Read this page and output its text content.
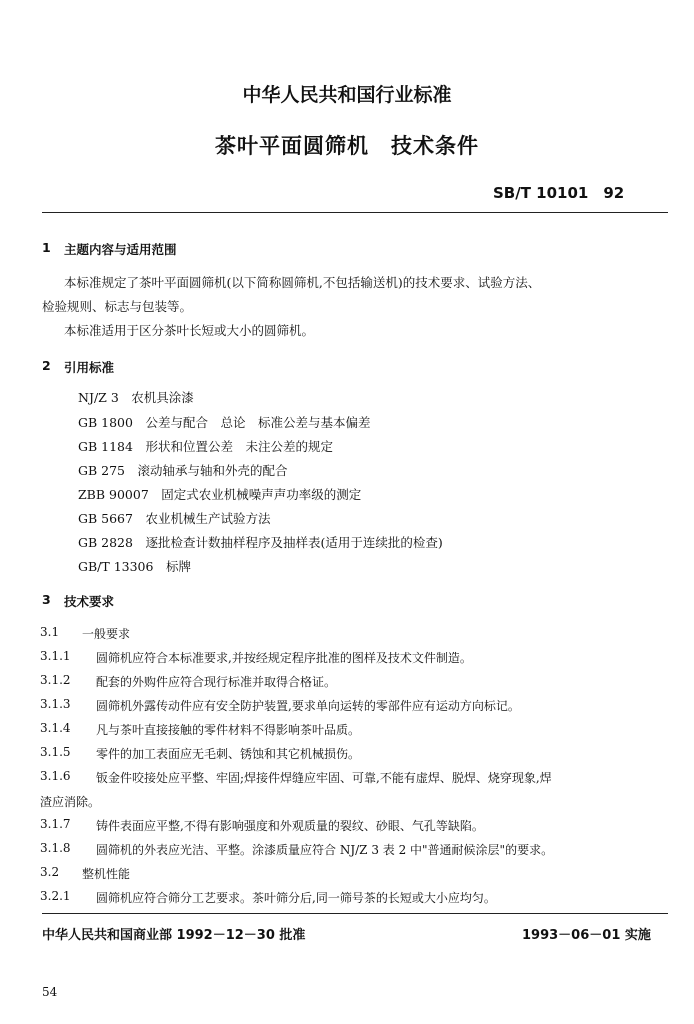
中华人民共和国行业标准
茶叶平面圆筛机　技术条件
SB/T 10101　92
1 主题内容与适用范围
本标准规定了茶叶平面圆筛机(以下简称圆筛机,不包括输送机)的技术要求、试验方法、
检验规则、标志与包装等。
本标准适用于区分茶叶长短或大小的圆筛机。
2 引用标准
NJ/Z 3　农机具涂漆
GB 1800　公差与配合　总论　标准公差与基本偏差
GB 1184　形状和位置公差　未注公差的规定
GB 275　滚动轴承与轴和外壳的配合
ZBB 90007　固定式农业机械噪声声功率级的测定
GB 5667　农业机械生产试验方法
GB 2828　逐批检查计数抽样程序及抽样表(适用于连续批的检查)
GB/T 13306　标牌
3 技术要求
3.1 一般要求
3.1.1 圆筛机应符合本标准要求,并按经规定程序批准的图样及技术文件制造。
3.1.2 配套的外购件应符合现行标准并取得合格证。
3.1.3 圆筛机外露传动件应有安全防护装置,要求单向运转的零部件应有运动方向标记。
3.1.4 凡与茶叶直接接触的零件材料不得影响茶叶品质。
3.1.5 零件的加工表面应无毛刺、锈蚀和其它机械损伤。
3.1.6 钣金件咬接处应平整、牢固;焊接件焊缝应牢固、可靠,不能有虚焊、脱焊、烧穿现象,焊
渣应消除。
3.1.7 铸件表面应平整,不得有影响强度和外观质量的裂纹、砂眼、气孔等缺陷。
3.1.8 圆筛机的外表应光洁、平整。涂漆质量应符合 NJ/Z 3 表 2 中"普通耐候涂层"的要求。
3.2 整机性能
3.2.1 圆筛机应符合筛分工艺要求。茶叶筛分后,同一筛号茶的长短或大小应均匀。
中华人民共和国商业部 1992－12－30 批准	1993－06－01 实施
54
